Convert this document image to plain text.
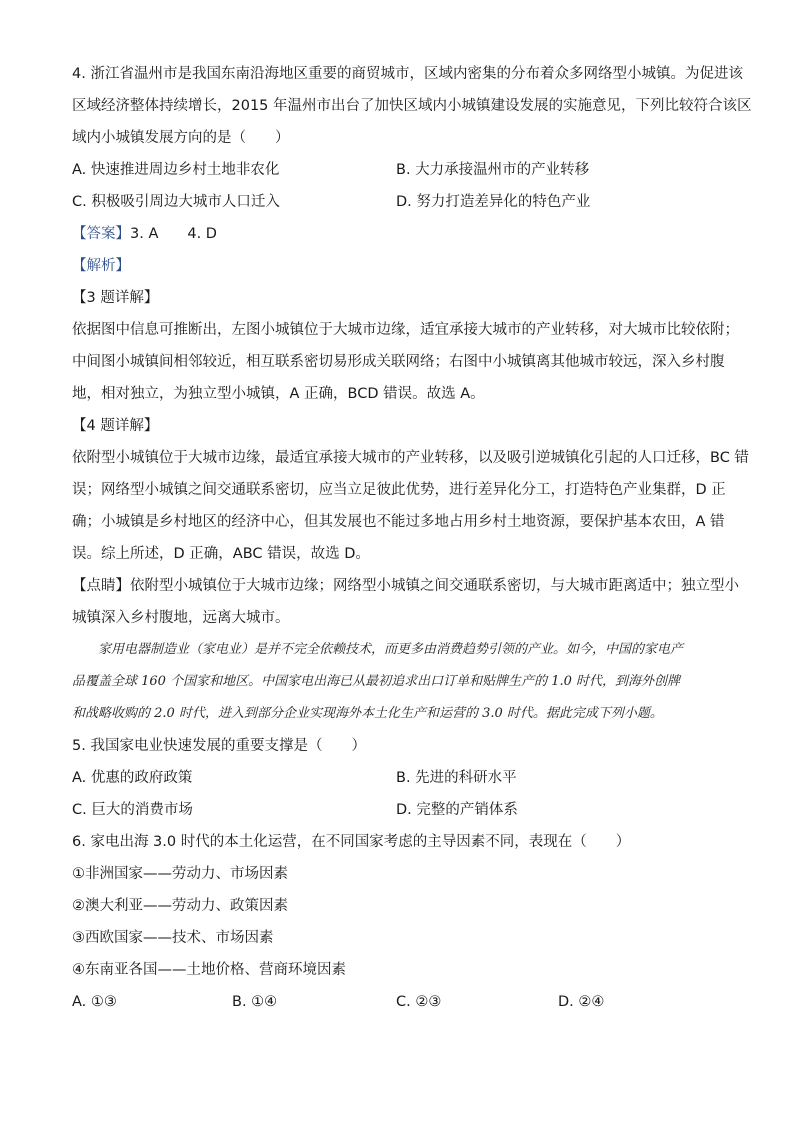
4. 浙江省温州市是我国东南沿海地区重要的商贸城市，区域内密集的分布着众多网络型小城镇。为促进该
区域经济整体持续增长，2015 年温州市出台了加快区域内小城镇建设发展的实施意见，下列比较符合该区
域内小城镇发展方向的是（　　）
A. 快速推进周边乡村土地非农化	B. 大力承接温州市的产业转移
C. 积极吸引周边大城市人口迁入	D. 努力打造差异化的特色产业
【答案】3. A　　4. D
【解析】
【3 题详解】
依据图中信息可推断出，左图小城镇位于大城市边缘，适宜承接大城市的产业转移，对大城市比较依附；
中间图小城镇间相邻较近，相互联系密切易形成关联网络；右图中小城镇离其他城市较远，深入乡村腹
地，相对独立，为独立型小城镇，A 正确，BCD 错误。故选 A。
【4 题详解】
依附型小城镇位于大城市边缘，最适宜承接大城市的产业转移，以及吸引逆城镇化引起的人口迁移，BC 错
误；网络型小城镇之间交通联系密切，应当立足彼此优势，进行差异化分工，打造特色产业集群，D 正
确；小城镇是乡村地区的经济中心，但其发展也不能过多地占用乡村土地资源，要保护基本农田，A 错
误。综上所述，D 正确，ABC 错误，故选 D。
【点睛】依附型小城镇位于大城市边缘；网络型小城镇之间交通联系密切，与大城市距离适中；独立型小
城镇深入乡村腹地，远离大城市。
家用电器制造业（家电业）是并不完全依赖技术，而更多由消费趋势引领的产业。如今，中国的家电产
品覆盖全球 160 个国家和地区。中国家电出海已从最初追求出口订单和贴牌生产的 1.0 时代，到海外创牌
和战略收购的 2.0 时代，进入到部分企业实现海外本土化生产和运营的 3.0 时代。据此完成下列小题。
5. 我国家电业快速发展的重要支撑是（　　）
A. 优惠的政府政策	B. 先进的科研水平
C. 巨大的消费市场	D. 完整的产销体系
6. 家电出海 3.0 时代的本土化运营，在不同国家考虑的主导因素不同，表现在（　　）
①非洲国家——劳动力、市场因素
②澳大利亚——劳动力、政策因素
③西欧国家——技术、市场因素
④东南亚各国——土地价格、营商环境因素
A. ①③	B. ①④	C. ②③	D. ②④
